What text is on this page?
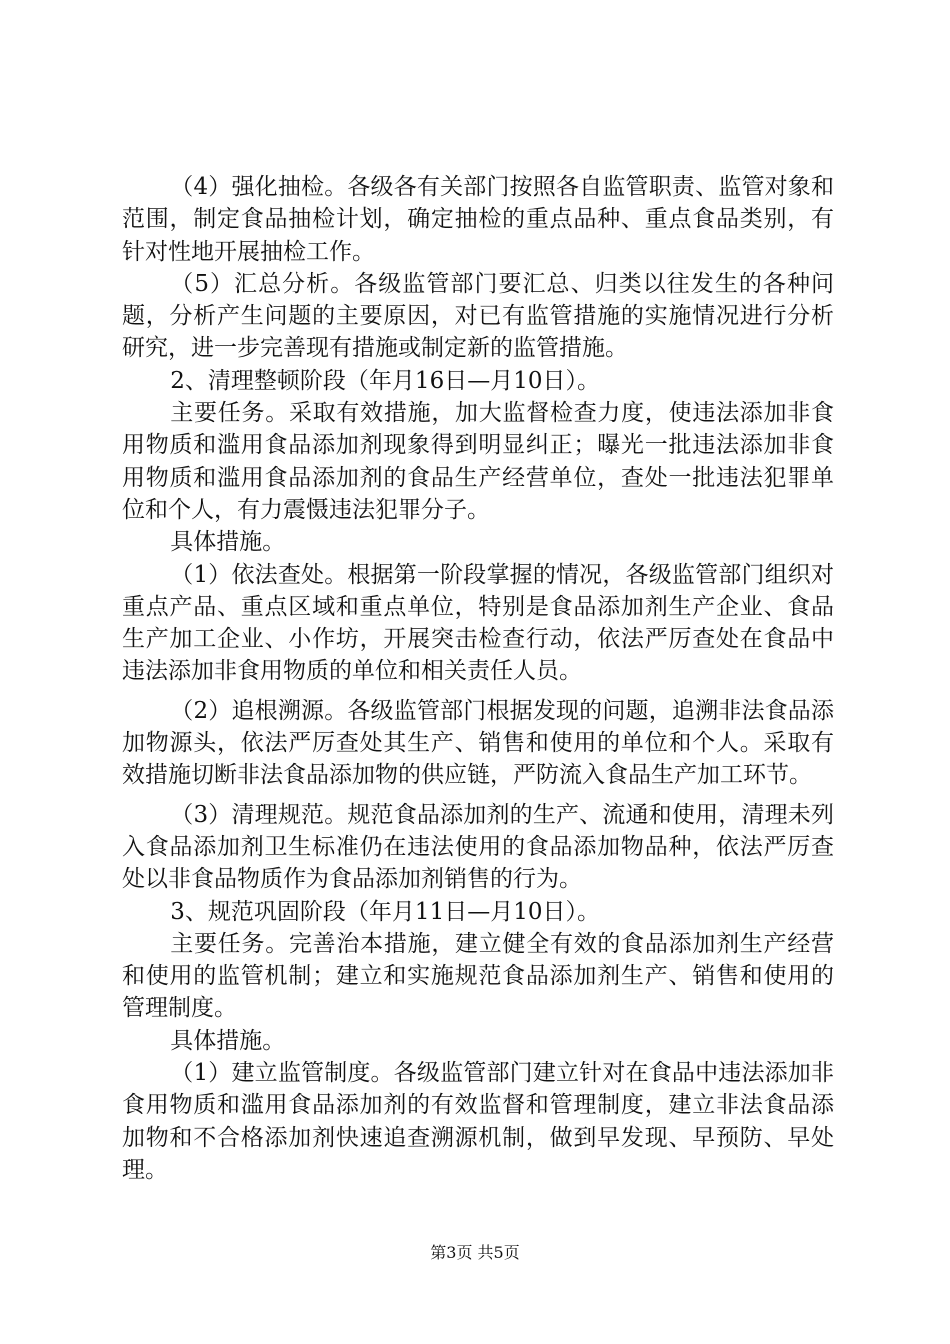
（4）强化抽检。各级各有关部门按照各自监管职责、监管对象和范围，制定食品抽检计划，确定抽检的重点品种、重点食品类别，有针对性地开展抽检工作。

（5）汇总分析。各级监管部门要汇总、归类以往发生的各种问题，分析产生问题的主要原因，对已有监管措施的实施情况进行分析研究，进一步完善现有措施或制定新的监管措施。

2、清理整顿阶段（年月16日—月10日）。

主要任务。采取有效措施，加大监督检查力度，使违法添加非食用物质和滥用食品添加剂现象得到明显纠正；曝光一批违法添加非食用物质和滥用食品添加剂的食品生产经营单位，查处一批违法犯罪单位和个人，有力震慑违法犯罪分子。

具体措施。

（1）依法查处。根据第一阶段掌握的情况，各级监管部门组织对重点产品、重点区域和重点单位，特别是食品添加剂生产企业、食品生产加工企业、小作坊，开展突击检查行动，依法严厉查处在食品中违法添加非食用物质的单位和相关责任人员。

（2）追根溯源。各级监管部门根据发现的问题，追溯非法食品添加物源头，依法严厉查处其生产、销售和使用的单位和个人。采取有效措施切断非法食品添加物的供应链，严防流入食品生产加工环节。

（3）清理规范。规范食品添加剂的生产、流通和使用，清理未列入食品添加剂卫生标准仍在违法使用的食品添加物品种，依法严厉查处以非食品物质作为食品添加剂销售的行为。

3、规范巩固阶段（年月11日—月10日）。

主要任务。完善治本措施，建立健全有效的食品添加剂生产经营和使用的监管机制；建立和实施规范食品添加剂生产、销售和使用的管理制度。

具体措施。

（1）建立监管制度。各级监管部门建立针对在食品中违法添加非食用物质和滥用食品添加剂的有效监督和管理制度，建立非法食品添加物和不合格添加剂快速追查溯源机制，做到早发现、早预防、早处理。

第3页 共5页
